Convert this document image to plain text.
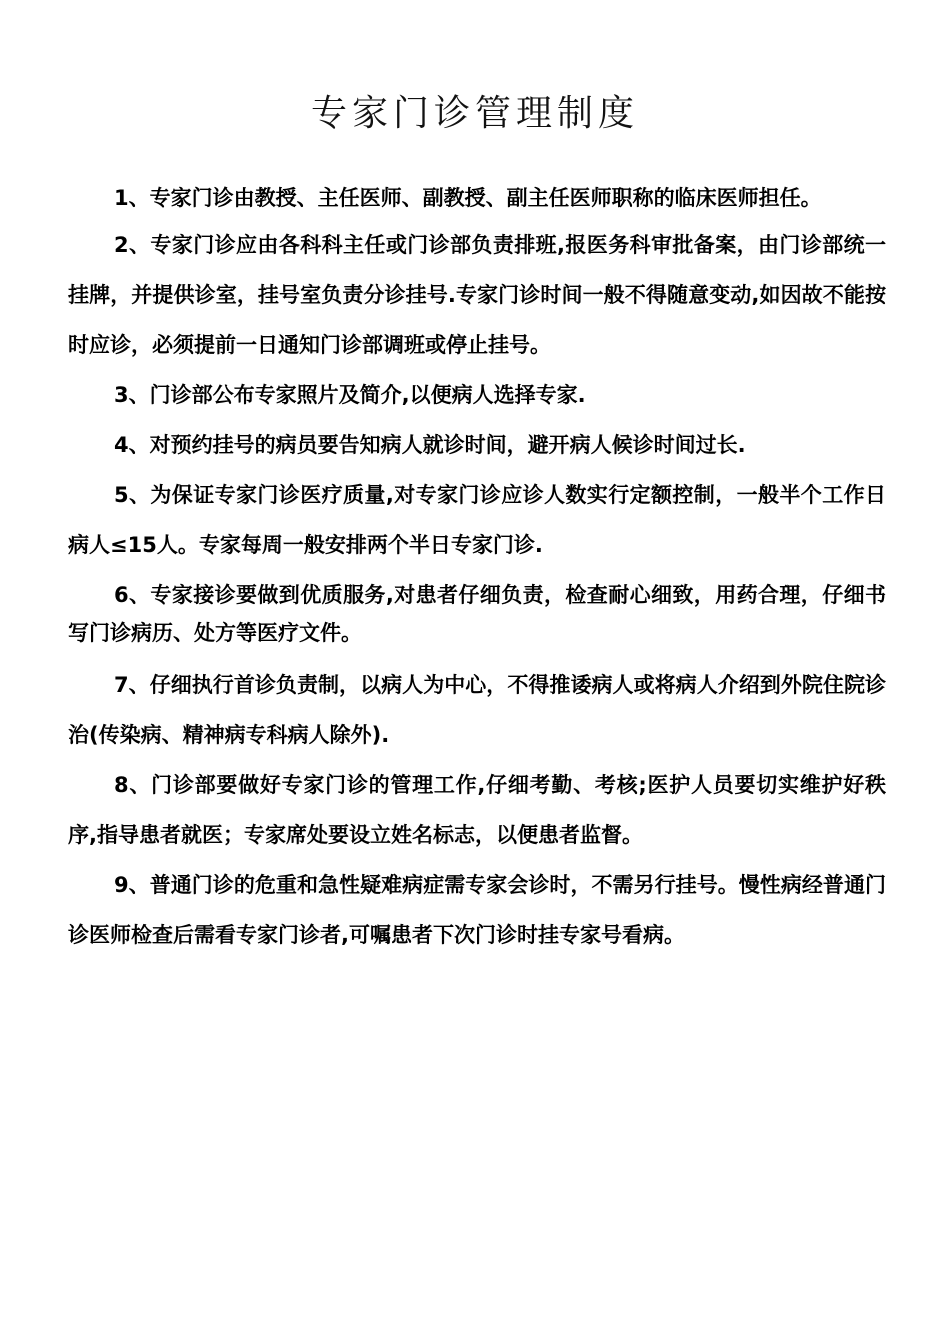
专家门诊管理制度

1、专家门诊由教授、主任医师、副教授、副主任医师职称的临床医师担任。

2、专家门诊应由各科科主任或门诊部负责排班,报医务科审批备案，由门诊部统一挂牌，并提供诊室，挂号室负责分诊挂号.专家门诊时间一般不得随意变动,如因故不能按时应诊，必须提前一日通知门诊部调班或停止挂号。

3、门诊部公布专家照片及简介,以便病人选择专家.

4、对预约挂号的病员要告知病人就诊时间，避开病人候诊时间过长.

5、为保证专家门诊医疗质量,对专家门诊应诊人数实行定额控制，一般半个工作日病人≤15人。专家每周一般安排两个半日专家门诊.

6、专家接诊要做到优质服务,对患者仔细负责，检查耐心细致，用药合理，仔细书写门诊病历、处方等医疗文件。

7、仔细执行首诊负责制，以病人为中心，不得推诿病人或将病人介绍到外院住院诊治(传染病、精神病专科病人除外).

8、门诊部要做好专家门诊的管理工作,仔细考勤、考核;医护人员要切实维护好秩序,指导患者就医；专家席处要设立姓名标志，以便患者监督。

9、普通门诊的危重和急性疑难病症需专家会诊时，不需另行挂号。慢性病经普通门诊医师检查后需看专家门诊者,可嘱患者下次门诊时挂专家号看病。
